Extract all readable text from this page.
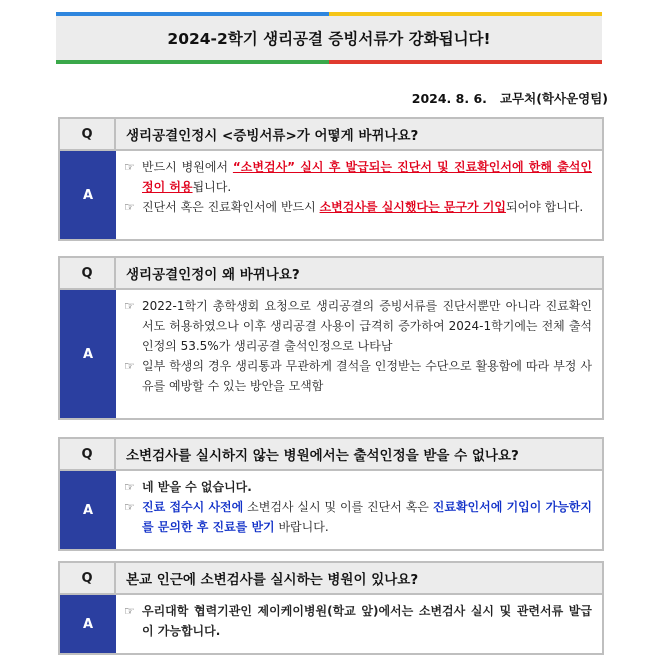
2024-2학기 생리공결 증빙서류가 강화됩니다!
2024. 8. 6. 교무처(학사운영팀)
Q	생리공결인정시 <증빙서류>가 어떻게 바뀌나요?
A
☞ 반드시 병원에서 “소변검사” 실시 후 발급되는 진단서 및 진료확인서에 한해 출석인정이 허용됩니다.
☞ 진단서 혹은 진료확인서에 반드시 소변검사를 실시했다는 문구가 기입되어야 합니다.
Q	생리공결인정이 왜 바뀌나요?
A
☞ 2022-1학기 총학생회 요청으로 생리공결의 증빙서류를 진단서뿐만 아니라 진료확인서도 허용하였으나 이후 생리공결 사용이 급격히 증가하여 2024-1학기에는 전체 출석인정의 53.5%가 생리공결 출석인정으로 나타남
☞ 일부 학생의 경우 생리통과 무관하게 결석을 인정받는 수단으로 활용함에 따라 부정 사유를 예방할 수 있는 방안을 모색함
Q	소변검사를 실시하지 않는 병원에서는 출석인정을 받을 수 없나요?
A
☞ 네 받을 수 없습니다.
☞ 진료 접수시 사전에 소변검사 실시 및 이를 진단서 혹은 진료확인서에 기입이 가능한지를 문의한 후 진료를 받기 바랍니다.
Q	본교 인근에 소변검사를 실시하는 병원이 있나요?
A
☞ 우리대학 협력기관인 제이케이병원(학교 앞)에서는 소변검사 실시 및 관련서류 발급이 가능합니다.
